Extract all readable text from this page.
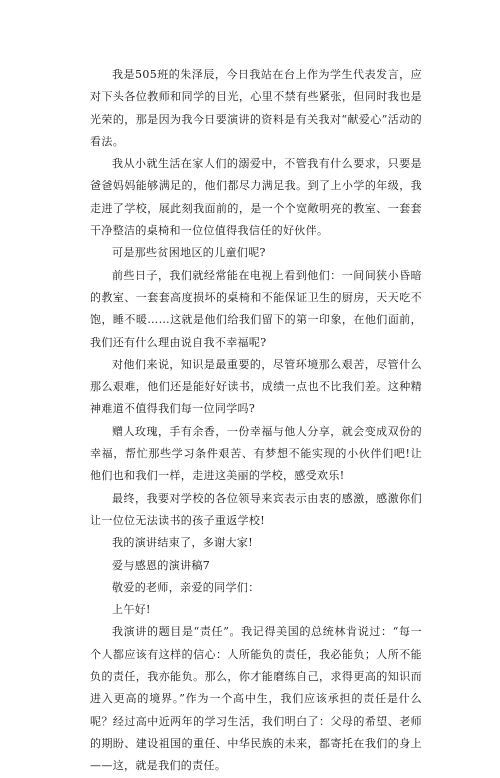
我是505班的朱泽辰，今日我站在台上作为学生代表发言，应对下头各位教师和同学的目光，心里不禁有些紧张，但同时我也是光荣的，那是因为我今日要演讲的资料是有关我对“献爱心”活动的看法。

我从小就生活在家人们的溺爱中，不管我有什么要求，只要是爸爸妈妈能够满足的，他们都尽力满足我。到了上小学的年级，我走进了学校，展此刻我面前的，是一个个宽敞明亮的教室、一套套干净整洁的桌椅和一位位值得我信任的好伙伴。

可是那些贫困地区的儿童们呢?

前些日子，我们就经常能在电视上看到他们：一间间狭小昏暗的教室、一套套高度损坏的桌椅和不能保证卫生的厨房，天天吃不饱，睡不暖……这就是他们给我们留下的第一印象，在他们面前，我们还有什么理由说自我不幸福呢?

对他们来说，知识是最重要的，尽管环境那么艰苦，尽管什么那么艰难，他们还是能好好读书，成绩一点也不比我们差。这种精神难道不值得我们每一位同学吗?

赠人玫瑰，手有余香，一份幸福与他人分享，就会变成双份的幸福，帮忙那些学习条件艰苦、有梦想不能实现的小伙伴们吧!让他们也和我们一样，走进这美丽的学校，感受欢乐!

最终，我要对学校的各位领导来宾表示由衷的感激，感激你们让一位位无法读书的孩子重返学校!

我的演讲结束了，多谢大家!

爱与感恩的演讲稿7

敬爱的老师，亲爱的同学们：

上午好!

我演讲的题目是“责任”。我记得美国的总统林肯说过：“每一个人都应该有这样的信心：人所能负的责任，我必能负；人所不能负的责任，我亦能负。那么，你才能磨练自己，求得更高的知识而进入更高的境界。”作为一个高中生，我们应该承担的责任是什么呢？经过高中近两年的学习生活，我们明白了：父母的希望、老师的期盼、建设祖国的重任、中华民族的未来，都寄托在我们的身上——这，就是我们的责任。
